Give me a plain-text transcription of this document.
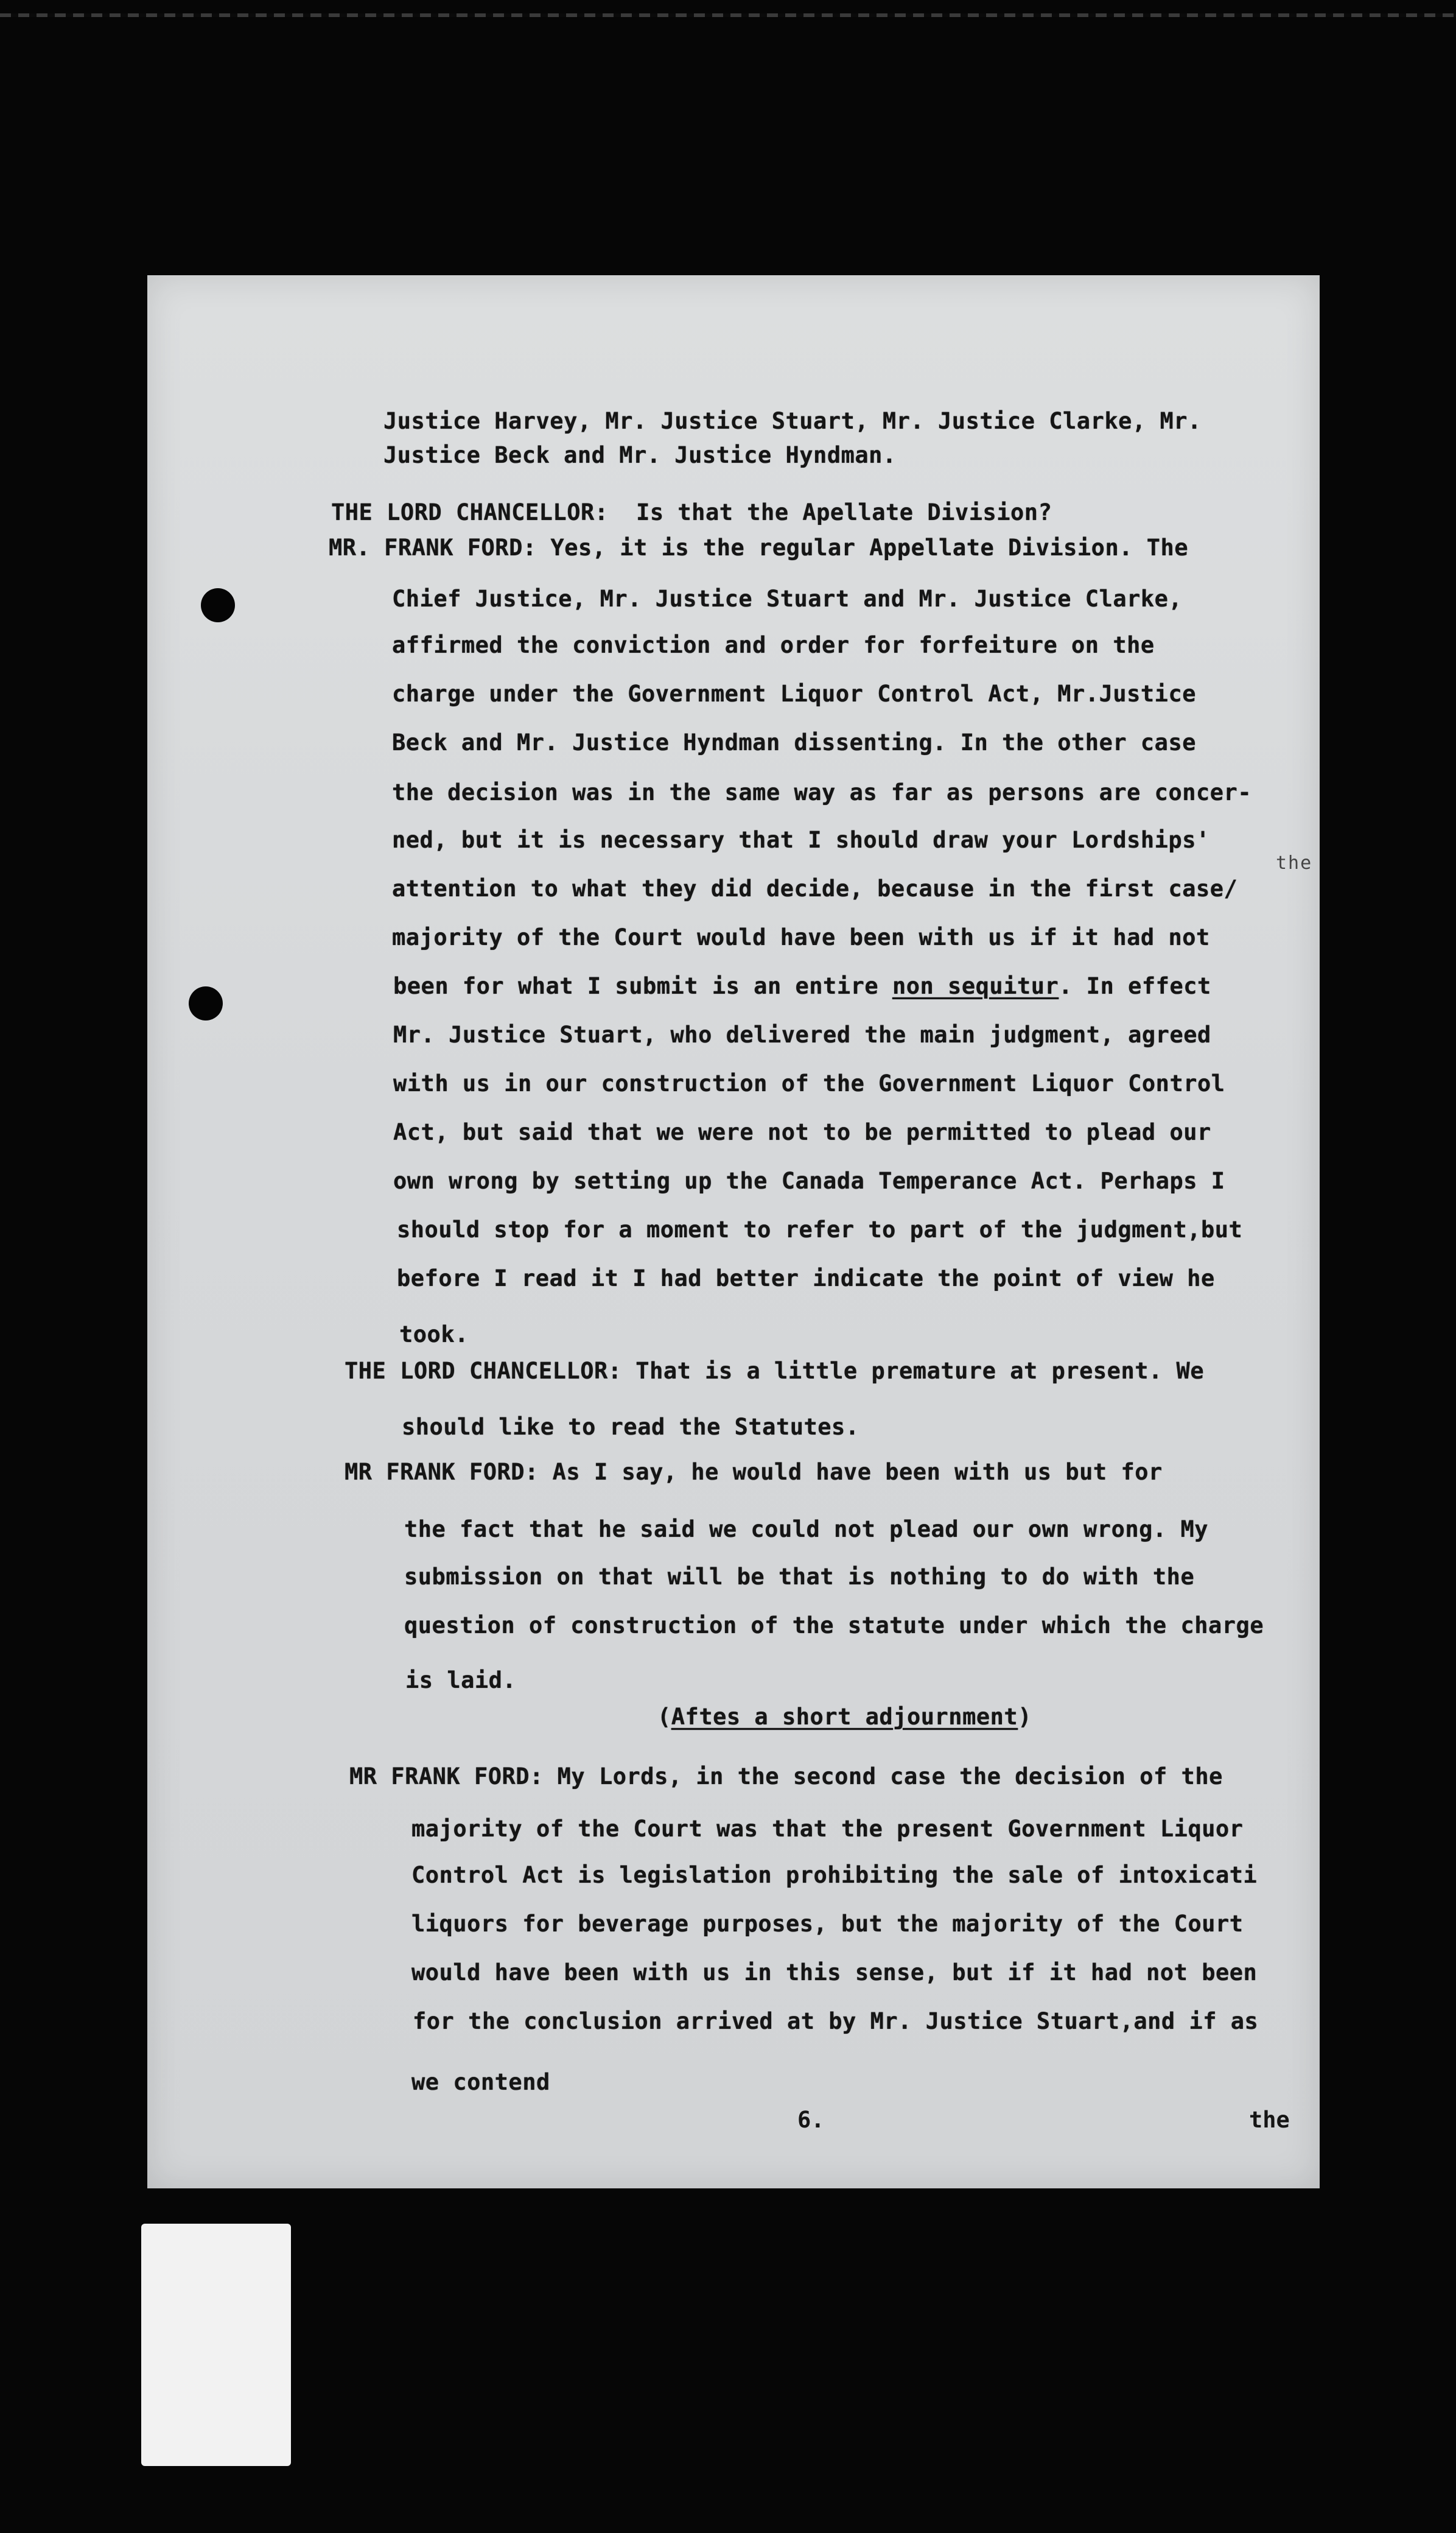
Justice Harvey, Mr. Justice Stuart, Mr. Justice Clarke, Mr.
Justice Beck and Mr. Justice Hyndman.
THE LORD CHANCELLOR:  Is that the Apellate Division?
MR. FRANK FORD: Yes, it is the regular Appellate Division. The
Chief Justice, Mr. Justice Stuart and Mr. Justice Clarke,
affirmed the conviction and order for forfeiture on the
charge under the Government Liquor Control Act, Mr.Justice
Beck and Mr. Justice Hyndman dissenting. In the other case
the decision was in the same way as far as persons are concer-
ned, but it is necessary that I should draw your Lordships'
attention to what they did decide, because in the first case/
the
majority of the Court would have been with us if it had not
been for what I submit is an entire non sequitur. In effect
Mr. Justice Stuart, who delivered the main judgment, agreed
with us in our construction of the Government Liquor Control
Act, but said that we were not to be permitted to plead our
own wrong by setting up the Canada Temperance Act. Perhaps I
should stop for a moment to refer to part of the judgment,but
before I read it I had better indicate the point of view he
took.
THE LORD CHANCELLOR: That is a little premature at present. We
should like to read the Statutes.
MR FRANK FORD: As I say, he would have been with us but for
the fact that he said we could not plead our own wrong. My
submission on that will be that is nothing to do with the
question of construction of the statute under which the charge
is laid.
(Aftes a short adjournment)
MR FRANK FORD: My Lords, in the second case the decision of the
majority of the Court was that the present Government Liquor
Control Act is legislation prohibiting the sale of intoxicati
liquors for beverage purposes, but the majority of the Court
would have been with us in this sense, but if it had not been
for the conclusion arrived at by Mr. Justice Stuart,and if as
we contend
6.	the
